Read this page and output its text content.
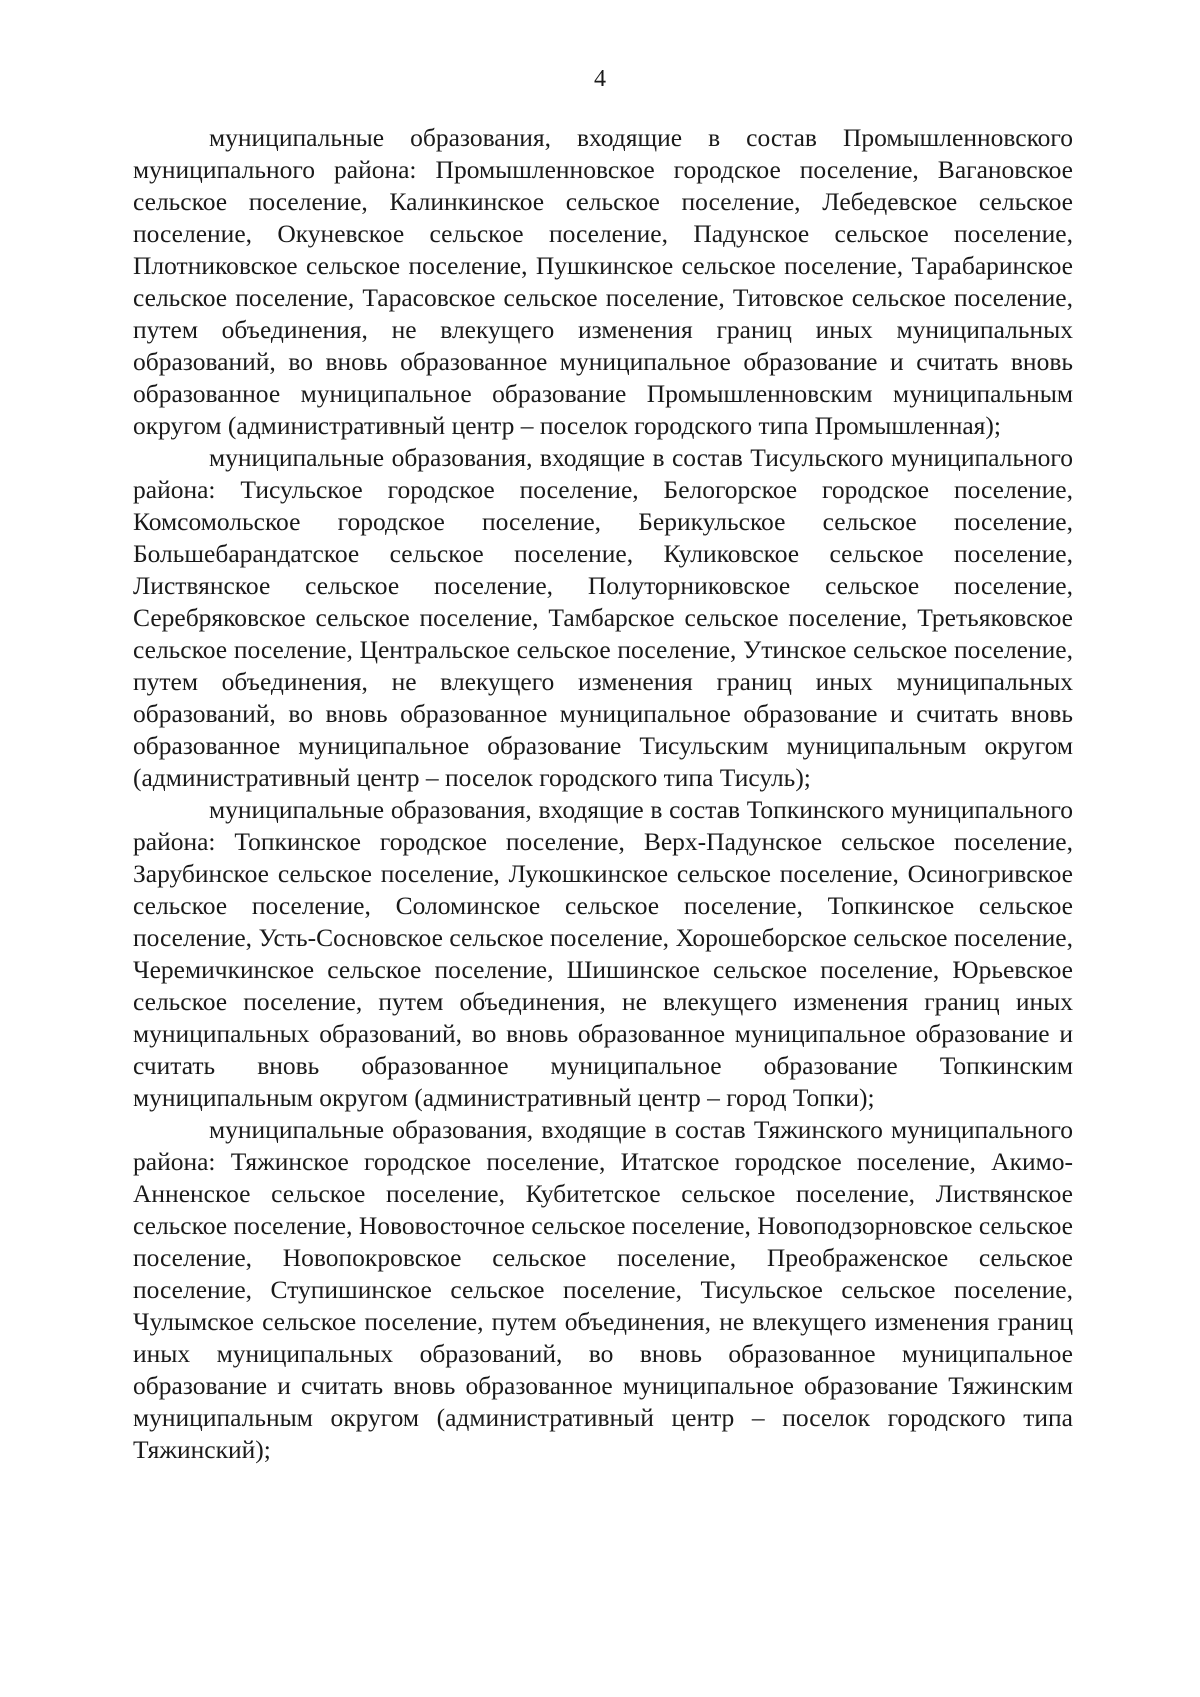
4

муниципальные образования, входящие в состав Промышленновского муниципального района: Промышленновское городское поселение, Вагановское сельское поселение, Калинкинское сельское поселение, Лебедевское сельское поселение, Окуневское сельское поселение, Падунское сельское поселение, Плотниковское сельское поселение, Пушкинское сельское поселение, Тарабаринское сельское поселение, Тарасовское сельское поселение, Титовское сельское поселение, путем объединения, не влекущего изменения границ иных муниципальных образований, во вновь образованное муниципальное образование и считать вновь образованное муниципальное образование Промышленновским муниципальным округом (административный центр – поселок городского типа Промышленная);

муниципальные образования, входящие в состав Тисульского муниципального района: Тисульское городское поселение, Белогорское городское поселение, Комсомольское городское поселение, Берикульское сельское поселение, Большебарандатское сельское поселение, Куликовское сельское поселение, Листвянское сельское поселение, Полуторниковское сельское поселение, Серебряковское сельское поселение, Тамбарское сельское поселение, Третьяковское сельское поселение, Центральское сельское поселение, Утинское сельское поселение, путем объединения, не влекущего изменения границ иных муниципальных образований, во вновь образованное муниципальное образование и считать вновь образованное муниципальное образование Тисульским муниципальным округом (административный центр – поселок городского типа Тисуль);

муниципальные образования, входящие в состав Топкинского муниципального района: Топкинское городское поселение, Верх-Падунское сельское поселение, Зарубинское сельское поселение, Лукошкинское сельское поселение, Осиногривское сельское поселение, Соломинское сельское поселение, Топкинское сельское поселение, Усть-Сосновское сельское поселение, Хорошеборское сельское поселение, Черемичкинское сельское поселение, Шишинское сельское поселение, Юрьевское сельское поселение, путем объединения, не влекущего изменения границ иных муниципальных образований, во вновь образованное муниципальное образование и считать вновь образованное муниципальное образование Топкинским муниципальным округом (административный центр – город Топки);

муниципальные образования, входящие в состав Тяжинского муниципального района: Тяжинское городское поселение, Итатское городское поселение, Акимо-Анненское сельское поселение, Кубитетское сельское поселение, Листвянское сельское поселение, Нововосточное сельское поселение, Новоподзорновское сельское поселение, Новопокровское сельское поселение, Преображенское сельское поселение, Ступишинское сельское поселение, Тисульское сельское поселение, Чулымское сельское поселение, путем объединения, не влекущего изменения границ иных муниципальных образований, во вновь образованное муниципальное образование и считать вновь образованное муниципальное образование Тяжинским муниципальным округом (административный центр – поселок городского типа Тяжинский);
